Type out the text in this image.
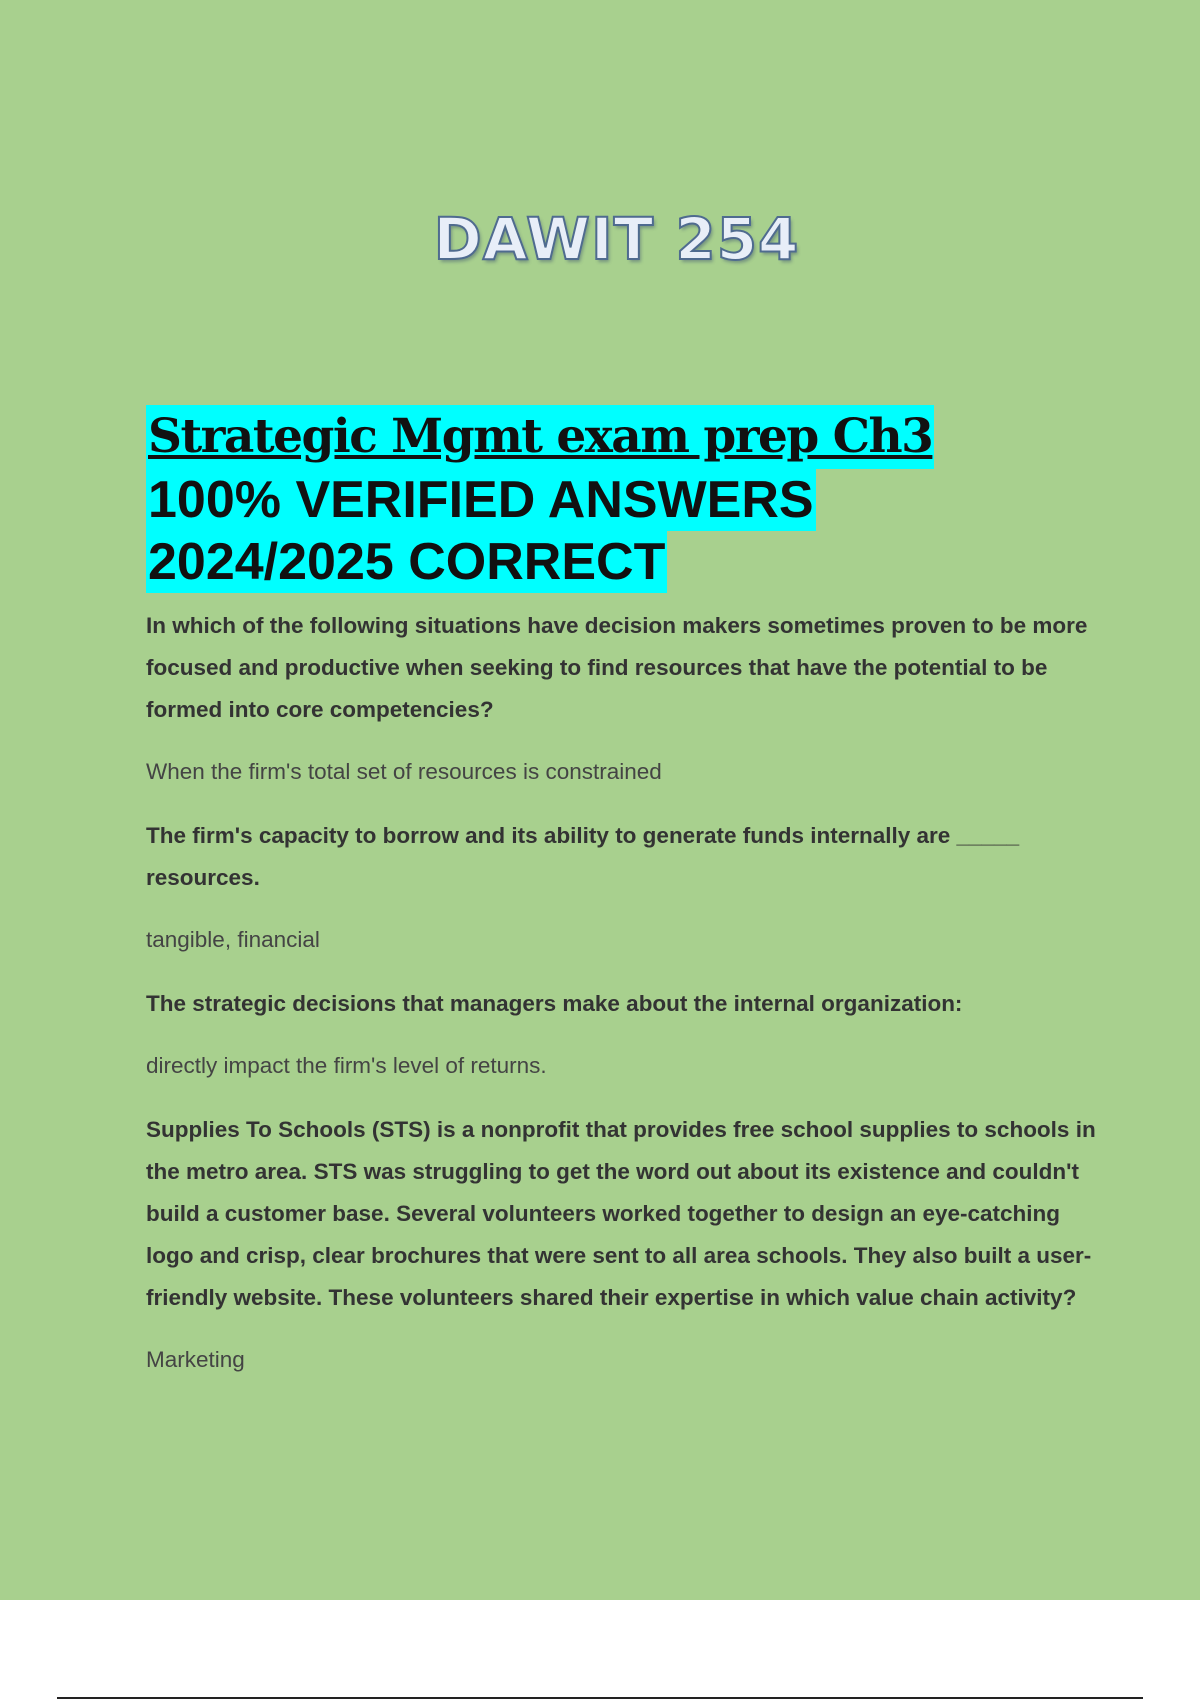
DAWIT 254
Strategic Mgmt exam prep Ch3
100% VERIFIED ANSWERS
2024/2025 CORRECT

In which of the following situations have decision makers sometimes proven to be more focused and productive when seeking to find resources that have the potential to be formed into core competencies?

When the firm's total set of resources is constrained

The firm's capacity to borrow and its ability to generate funds internally are _____ resources.

tangible, financial

The strategic decisions that managers make about the internal organization:

directly impact the firm's level of returns.

Supplies To Schools (STS) is a nonprofit that provides free school supplies to schools in the metro area. STS was struggling to get the word out about its existence and couldn't build a customer base. Several volunteers worked together to design an eye-catching logo and crisp, clear brochures that were sent to all area schools. They also built a user-friendly website. These volunteers shared their expertise in which value chain activity?

Marketing
